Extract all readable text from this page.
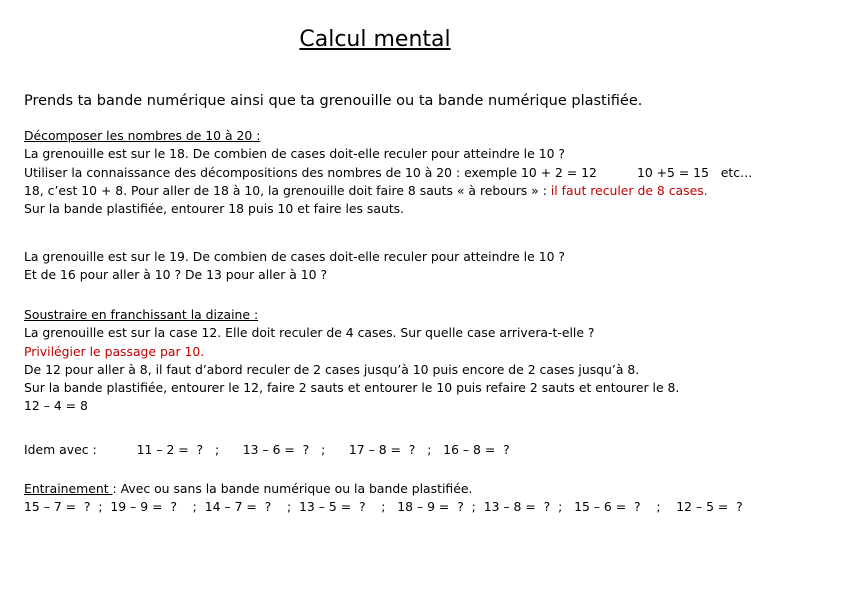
Calcul mental
Prends ta bande numérique ainsi que ta grenouille ou ta bande numérique plastifiée.
Décomposer les nombres de 10 à 20 :
La grenouille est sur le 18. De combien de cases doit-elle reculer pour atteindre le 10 ?
Utiliser la connaissance des décompositions des nombres de 10 à 20 : exemple 10 + 2 = 12	10 +5 = 15   etc…
18, c’est 10 + 8. Pour aller de 18 à 10, la grenouille doit faire 8 sauts « à rebours » : il faut reculer de 8 cases.
Sur la bande plastifiée, entourer 18 puis 10 et faire les sauts.
La grenouille est sur le 19. De combien de cases doit-elle reculer pour atteindre le 10 ?
Et de 16 pour aller à 10 ? De 13 pour aller à 10 ?
Soustraire en franchissant la dizaine :
La grenouille est sur la case 12. Elle doit reculer de 4 cases. Sur quelle case arrivera-t-elle ?
Privilégier le passage par 10.
De 12 pour aller à 8, il faut d’abord reculer de 2 cases jusqu’à 10 puis encore de 2 cases jusqu’à 8.
Sur la bande plastifiée, entourer le 12, faire 2 sauts et entourer le 10 puis refaire 2 sauts et entourer le 8.
12 – 4 = 8
Idem avec :	11 – 2 =  ?   ;      13 – 6 =  ?   ;      17 – 8 =  ?   ;   16 – 8 =  ?
Entrainement : Avec ou sans la bande numérique ou la bande plastifiée.
15 – 7 =  ?  ;  19 – 9 =  ?    ;  14 – 7 =  ?    ;  13 – 5 =  ?    ;   18 – 9 =  ?  ;  13 – 8 =  ?  ;   15 – 6 =  ?    ;    12 – 5 =  ?
